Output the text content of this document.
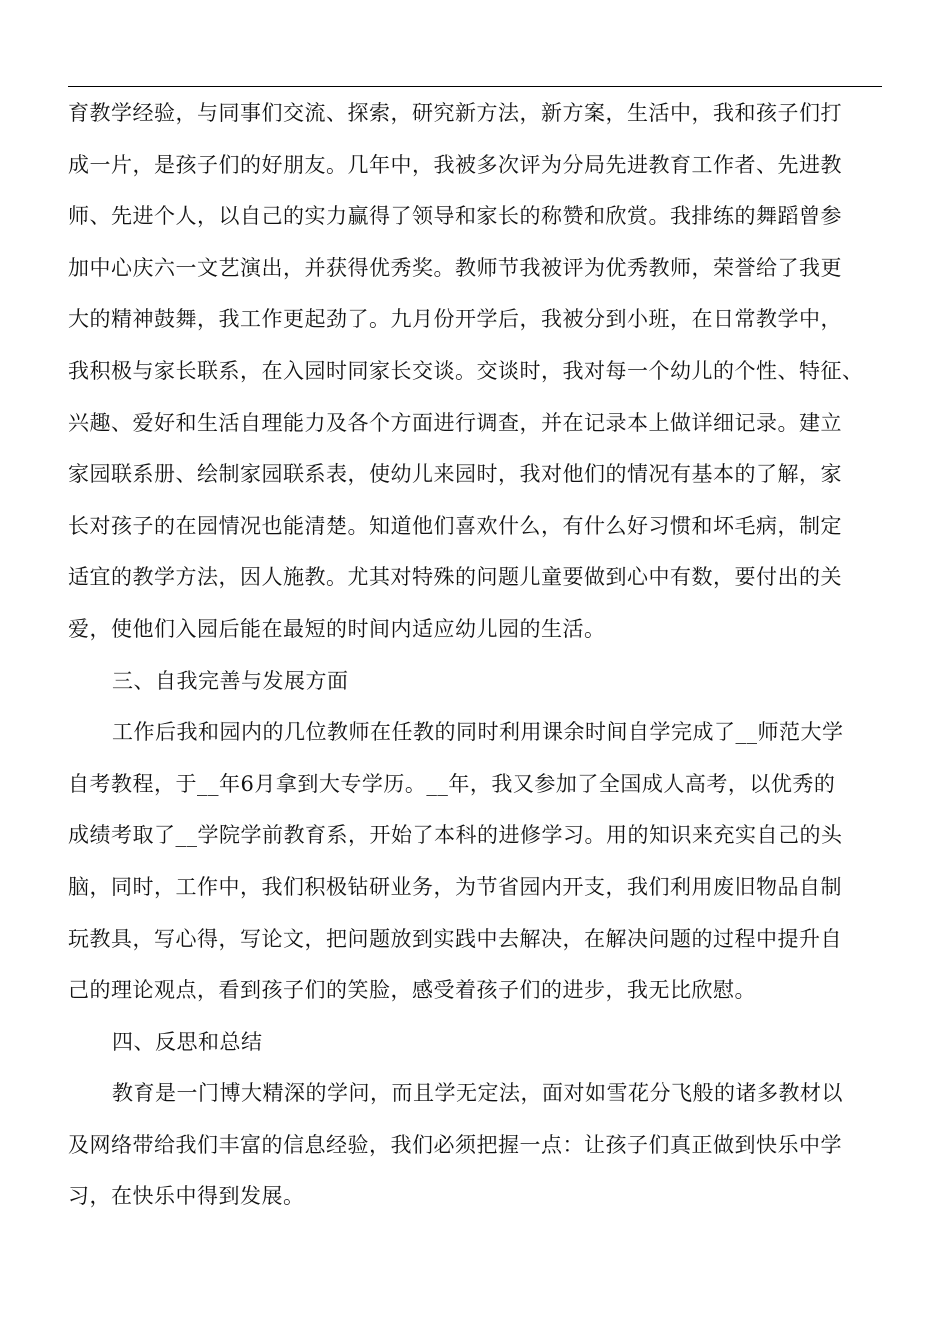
育教学经验，与同事们交流、探索，研究新方法，新方案，生活中，我和孩子们打
成一片，是孩子们的好朋友。几年中，我被多次评为分局先进教育工作者、先进教
师、先进个人，以自己的实力赢得了领导和家长的称赞和欣赏。我排练的舞蹈曾参
加中心庆六一文艺演出，并获得优秀奖。教师节我被评为优秀教师，荣誉给了我更
大的精神鼓舞，我工作更起劲了。九月份开学后，我被分到小班，在日常教学中，
我积极与家长联系，在入园时同家长交谈。交谈时，我对每一个幼儿的个性、特征、
兴趣、爱好和生活自理能力及各个方面进行调查，并在记录本上做详细记录。建立
家园联系册、绘制家园联系表，使幼儿来园时，我对他们的情况有基本的了解，家
长对孩子的在园情况也能清楚。知道他们喜欢什么，有什么好习惯和坏毛病，制定
适宜的教学方法，因人施教。尤其对特殊的问题儿童要做到心中有数，要付出的关
爱，使他们入园后能在最短的时间内适应幼儿园的生活。
三、自我完善与发展方面
工作后我和园内的几位教师在任教的同时利用课余时间自学完成了__师范大学
自考教程，于__年6月拿到大专学历。__年，我又参加了全国成人高考，以优秀的
成绩考取了__学院学前教育系，开始了本科的进修学习。用的知识来充实自己的头
脑，同时，工作中，我们积极钻研业务，为节省园内开支，我们利用废旧物品自制
玩教具，写心得，写论文，把问题放到实践中去解决，在解决问题的过程中提升自
己的理论观点，看到孩子们的笑脸，感受着孩子们的进步，我无比欣慰。
四、反思和总结
教育是一门博大精深的学问，而且学无定法，面对如雪花分飞般的诸多教材以
及网络带给我们丰富的信息经验，我们必须把握一点：让孩子们真正做到快乐中学
习，在快乐中得到发展。
